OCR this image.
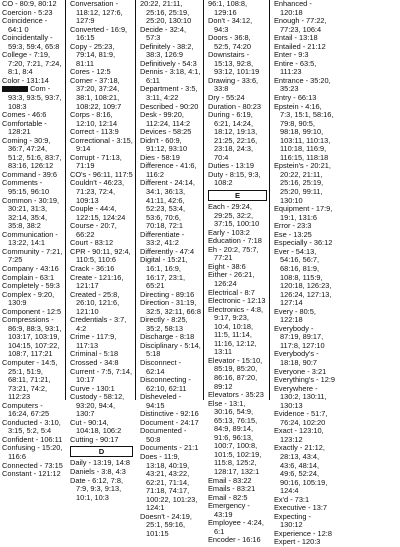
CO - 80:9, 80:12
Coercion - 5:23
Coincidence - 64:1 0
Coincidentally - 59:3, 59:4, 65:8
College - 7:19, 7:20, 7:21, 7:24, 8:1, 8:4
Color - 131:14
Com - 93:3, 93:5, 93:7, 108:3
Comes - 46:6
Comfortable - 128:21
Coming - 30:9, 36:7, 47:24, 51:2, 51:6, 83:7, 83:16, 126:12
Command - 39:6
Comments - 95:15, 96:10
Common - 30:19, 30:21, 31:3, 32:14, 35:4, 35:8, 38:2
Communication - 13:22, 14:1
Community - 7:21, 7:25
Company - 43:16
Complain - 63:1
Completely - 59:3
Complex - 9:20, 130:9
Component - 12:5
Compressions - 86:9, 88:3, 93:1, 103:17, 103:19, 104:15, 107:22, 108:7, 117:21
Computer - 14:5, 25:1, 51:9, 68:11, 71:21, 73:21, 74:2, 112:23
Computers - 16:24, 67:25
Conducted - 3:10, 3:15, 5:2, 5:4
Confident - 106:11
Confusing - 15:20, 116:6
Connected - 73:15
Constant - 121:12
Conversation - 118:12, 127:6, 127:9
Converted - 16:9, 16:15
Copy - 25:23, 79:14, 81:9, 81:11
Cores - 12:5
Corner - 37:18, 37:20, 37:24, 38:1, 108:21, 108:22, 109:7
Corps - 8:16, 12:10, 12:14
Correct - 113:9
Correctional - 3:15, 9:14
Corrupt - 71:13, 71:19
CO's - 96:11, 117:5
Couldn't - 46:23, 71:23, 72:4, 109:13
Couple - 44:4, 122:15, 124:24
Course - 20:7, 66:22
Court - 83:12
CPR - 90:11, 92:4, 110:5, 110:6
Crack - 36:16
Create - 121:16, 121:17
Created - 25:8, 26:10, 121:6, 121:10
Credentials - 3:7, 4:2
Crime - 117:9, 117:13
Criminal - 5:18
Crossed - 34:8
Current - 7:5, 7:14, 10:17
Curve - 130:1
Custody - 58:12, 93:20, 94:4, 130:7
Cut - 90:14, 104:18, 106:2
Cutting - 90:17
D
Daily - 13:19, 14:8
Daniels - 3:8, 4:3
Date - 6:12, 7:8, 7:9, 9:3, 9:13, 10:1, 10:3
20:22, 21:11, 25:16, 25:19, 25:20, 130:10
Decide - 32:4, 57:3
Definitely - 38:2, 38:3, 126:9
Definitively - 54:3
Dennis - 3:18, 4:1, 6:11
Department - 3:5, 3:11, 4:22
Described - 90:20
Desk - 99:20, 112:24, 114:2
Devices - 58:25
Didn't - 60:9, 91:12, 93:10
Dies - 58:19
Difference - 41:6, 116:2
Different - 24:14, 34:1, 36:13, 41:11, 42:6, 52:23, 53:4, 53:6, 70:6, 70:18, 72:1
Differentiate - 33:2, 41:2
Differently - 47:4
Digital - 15:21, 16:1, 16:9, 16:17, 23:1, 65:21
Directing - 89:16
Direction - 31:19, 32:5, 32:11, 66:8
Directly - 8:25, 35:2, 58:13
Discharge - 8:18
Disciplinary - 5:14, 5:18
Disconnect - 62:14
Disconnecting - 62:10, 62:11
Disheveled - 94:15
Distinctive - 92:16
Document - 24:17
Documented - 50:8
Documents - 21:1
Does - 11:9, 13:18, 40:19, 43:21, 43:22, 62:21, 71:14, 71:18, 74:17, 100:22, 101:23, 124:1
Doesn't - 24:19, 25:1, 59:16, 101:15
96:1, 108:8, 129:16
Don't - 34:12, 94:3
Doors - 36:8, 52:5, 74:20
Downstairs - 15:13, 92:8, 93:12, 101:19
Drawing - 33:6, 33:8
Dry - 55:24
Duration - 80:23
During - 6:19, 6:21, 14:24, 18:12, 19:13, 21:25, 22:16, 23:18, 24:3, 70:4
Duties - 13:19
Duty - 8:15, 9:3, 108:2
E
Each - 29:24, 29:25, 32:2, 37:15, 100:10
Early - 103:2
Education - 7:18
Eh - 20:2, 75:7, 77:21
Eight - 38:6
Either - 26:21, 126:24
Electrical - 8:7
Electronic - 12:13
Electronics - 4:8, 9:17, 9:23, 10:4, 10:18, 11:5, 11:14, 11:16, 12:12, 13:11
Elevator - 15:10, 85:19, 85:20, 86:16, 87:20, 89:12
Elevators - 35:23
Else - 13:1, 30:16, 54:9, 65:13, 76:15, 84:9, 89:14, 91:6, 96:13, 100:7, 100:8, 101:5, 102:19, 115:8, 125:2, 128:17, 132:1
Email - 83:22
Emails - 83:21
Email - 82:5
Emergency - 43:19
Employee - 4:24, 6:1
Encoder - 16:16
Enhanced - 120:18
Enough - 77:22, 77:23, 106:4
Entail - 13:18
Entailed - 21:12
Enter - 9:3
Entire - 63:5, 111:23
Entrance - 35:20, 35:23
Entry - 66:13
Epstein - 4:16, 7:3, 15:1, 58:16, 79:8, 90:5, 98:18, 99:10, 103:11, 110:13, 110:18, 116:9, 116:15, 118:18
Epstein's - 20:21, 20:22, 21:11, 25:16, 25:19, 25:20, 99:11, 130:10
Equipment - 17:9, 19:1, 131:6
Error - 23:3
Ese - 13:25
Especially - 36:12
Ever - 54:13, 54:16, 56:7, 68:16, 81:9, 108:8, 115:9, 120:18, 126:23, 126:24, 127:13, 127:14
Every - 80:5, 122:18
Everybody - 87:19, 89:17, 117:8, 127:10
Everybody's - 18:18, 90:7
Everyone - 3:21
Everything's - 12:9
Everywhere - 130:2, 130:11, 130:13
Evidence - 51:7, 76:24, 102:20
Exact - 123:10, 123:12
Exactly - 21:12, 28:13, 43:4, 43:6, 48:14, 49:6, 52:24, 90:16, 105:19, 124:4
Ex'd - 73:1
Executive - 13:7
Expecting - 130:12
Experience - 12:8
Expert - 120:3
